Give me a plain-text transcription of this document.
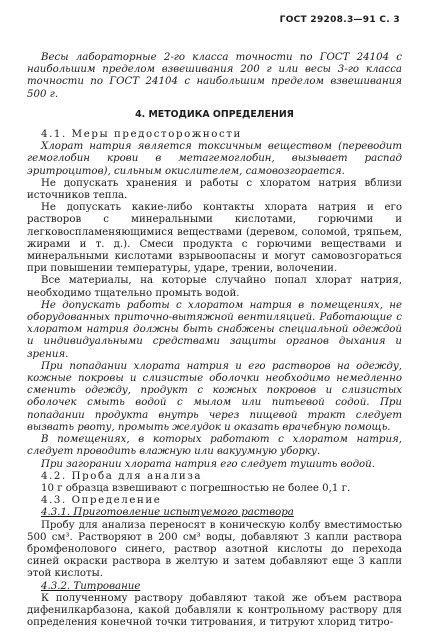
ГОСТ 29208.3—91 С. 3

Весы лабораторные 2-го класса точности по ГОСТ 24104 с наибольшим пределом взвешивания 200 г или весы 3-го класса точности по ГОСТ 24104 с наибольшим пределом взвешивания 500 г.

4. МЕТОДИКА ОПРЕДЕЛЕНИЯ

4.1. Меры предосторожности

Хлорат натрия является токсичным веществом (переводит гемоглобин крови в метагемоглобин, вызывает распад эритроцитов), сильным окислителем, самовозгорается.

Не допускать хранения и работы с хлоратом натрия вблизи источников тепла.

Не допускать какие-либо контакты хлората натрия и его растворов с минеральными кислотами, горючими и легковоспламеняющимися веществами (деревом, соломой, тряпьем, жирами и т. д.). Смеси продукта с горючими веществами и минеральными кислотами взрывоопасны и могут самовозгораться при повышении температуры, ударе, трении, волочении.

Все материалы, на которые случайно попал хлорат натрия, необходимо тщательно промыть водой.

Не допускать работы с хлоратом натрия в помещениях, не оборудованных приточно-вытяжной вентиляцией. Работающие с хлоратом натрия должны быть снабжены специальной одеждой и индивидуальными средствами защиты органов дыхания и зрения.

При попадании хлората натрия и его растворов на одежду, кожные покровы и слизистые оболочки необходимо немедленно сменить одежду, продукт с кожных покровов и слизистых оболочек смыть водой с мылом или питьевой содой. При попадании продукта внутрь через пищевой тракт следует вызвать рвоту, промыть желудок и оказать врачебную помощь.

В помещениях, в которых работают с хлоратом натрия, следует проводить влажную или вакуумную уборку.

При загорании хлората натрия его следует тушить водой.

4.2. Проба для анализа

10 г образца взвешивают с погрешностью не более 0,1 г.

4.3. Определение

4.3.1. Приготовление испытуемого раствора

Пробу для анализа переносят в коническую колбу вместимостью 500 см³. Растворяют в 200 см³ воды, добавляют 3 капли раствора бромфенолового синего, раствор азотной кислоты до перехода синей окраски раствора в желтую и затем добавляют еще 3 капли этой кислоты.

4.3.2. Титрование

К полученному раствору добавляют такой же объем раствора дифенилкарбазона, какой добавляли к контрольному раствору для определения конечной точки титрования, и титруют хлорид титро-
